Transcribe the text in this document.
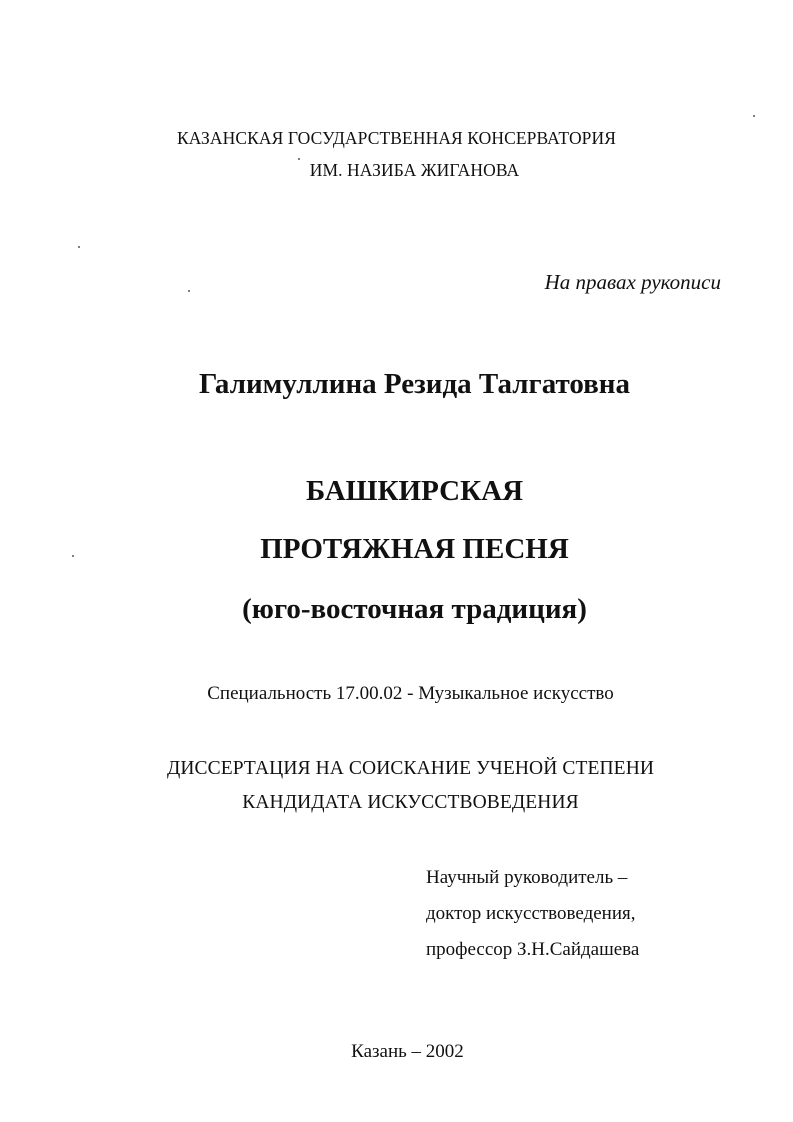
КАЗАНСКАЯ ГОСУДАРСТВЕННАЯ КОНСЕРВАТОРИЯ
ИМ. НАЗИБА ЖИГАНОВА
На правах рукописи
Галимуллина Резида Талгатовна
БАШКИРСКАЯ
ПРОТЯЖНАЯ ПЕСНЯ
(юго-восточная традиция)
Специальность 17.00.02 - Музыкальное искусство
ДИССЕРТАЦИЯ НА СОИСКАНИЕ УЧЕНОЙ СТЕПЕНИ
КАНДИДАТА ИСКУССТВОВЕДЕНИЯ
Научный руководитель –
доктор искусствоведения,
профессор З.Н.Сайдашева
Казань – 2002
